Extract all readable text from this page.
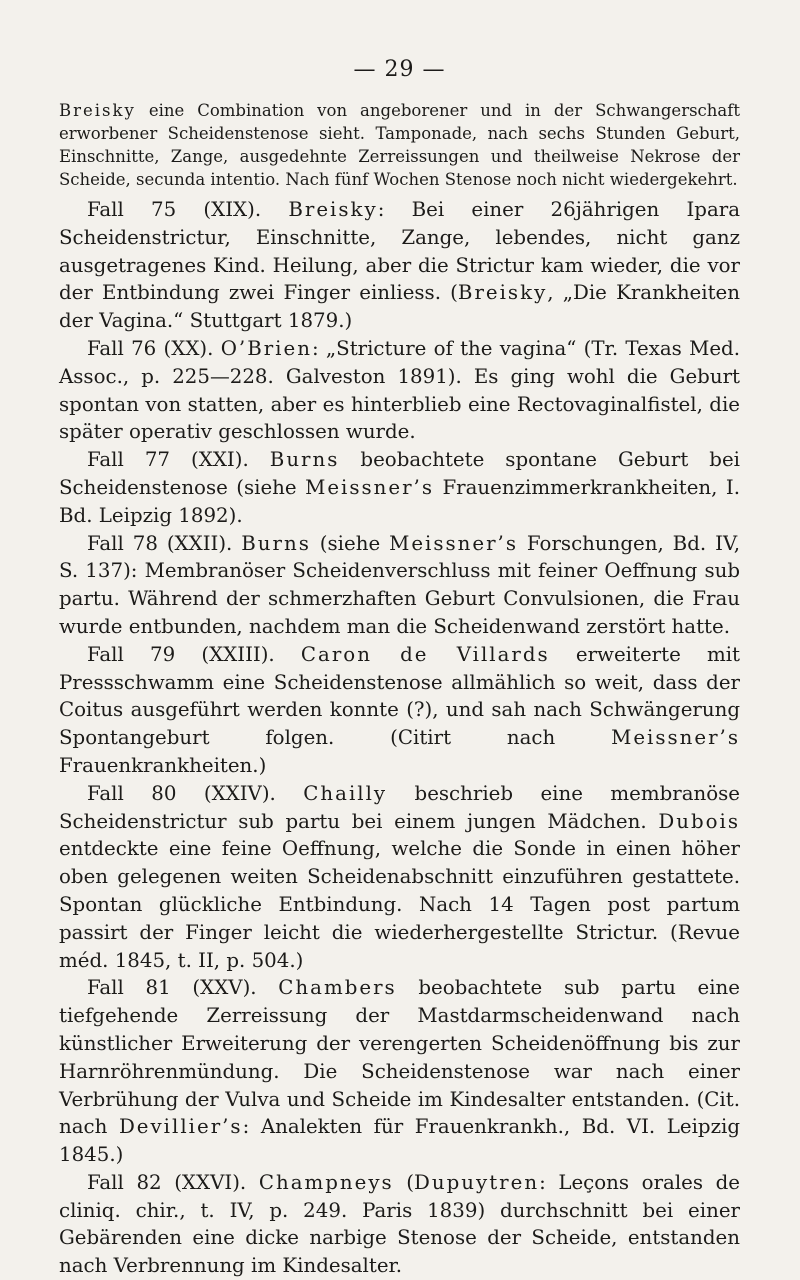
— 29 —

Breisky eine Combination von angeborener und in der Schwangerschaft erworbener Scheidenstenose sieht. Tamponade, nach sechs Stunden Geburt, Einschnitte, Zange, ausgedehnte Zerreissungen und theilweise Nekrose der Scheide, secunda intentio. Nach fünf Wochen Stenose noch nicht wiedergekehrt.

Fall 75 (XIX). Breisky: Bei einer 26jährigen Ipara Scheidenstrictur, Einschnitte, Zange, lebendes, nicht ganz ausgetragenes Kind. Heilung, aber die Strictur kam wieder, die vor der Entbindung zwei Finger einliess. (Breisky, „Die Krankheiten der Vagina.“ Stuttgart 1879.)

Fall 76 (XX). O’Brien: „Stricture of the vagina“ (Tr. Texas Med. Assoc., p. 225—228. Galveston 1891). Es ging wohl die Geburt spontan von statten, aber es hinterblieb eine Rectovaginalfistel, die später operativ geschlossen wurde.

Fall 77 (XXI). Burns beobachtete spontane Geburt bei Scheidenstenose (siehe Meissner’s Frauenzimmerkrankheiten, I. Bd. Leipzig 1892).

Fall 78 (XXII). Burns (siehe Meissner’s Forschungen, Bd. IV, S. 137): Membranöser Scheidenverschluss mit feiner Oeffnung sub partu. Während der schmerzhaften Geburt Convulsionen, die Frau wurde entbunden, nachdem man die Scheidenwand zerstört hatte.

Fall 79 (XXIII). Caron de Villards erweiterte mit Pressschwamm eine Scheidenstenose allmählich so weit, dass der Coitus ausgeführt werden konnte (?), und sah nach Schwängerung Spontangeburt folgen. (Citirt nach Meissner’s Frauenkrankheiten.)

Fall 80 (XXIV). Chailly beschrieb eine membranöse Scheidenstrictur sub partu bei einem jungen Mädchen. Dubois entdeckte eine feine Oeffnung, welche die Sonde in einen höher oben gelegenen weiten Scheidenabschnitt einzuführen gestattete. Spontan glückliche Entbindung. Nach 14 Tagen post partum passirt der Finger leicht die wiederhergestellte Strictur. (Revue méd. 1845, t. II, p. 504.)

Fall 81 (XXV). Chambers beobachtete sub partu eine tiefgehende Zerreissung der Mastdarmscheidenwand nach künstlicher Erweiterung der verengerten Scheidenöffnung bis zur Harnröhrenmündung. Die Scheidenstenose war nach einer Verbrühung der Vulva und Scheide im Kindesalter entstanden. (Cit. nach Devillier’s: Analekten für Frauenkrankh., Bd. VI. Leipzig 1845.)

Fall 82 (XXVI). Champneys (Dupuytren: Leçons orales de cliniq. chir., t. IV, p. 249. Paris 1839) durchschnitt bei einer Gebärenden eine dicke narbige Stenose der Scheide, entstanden nach Verbrennung im Kindesalter.
